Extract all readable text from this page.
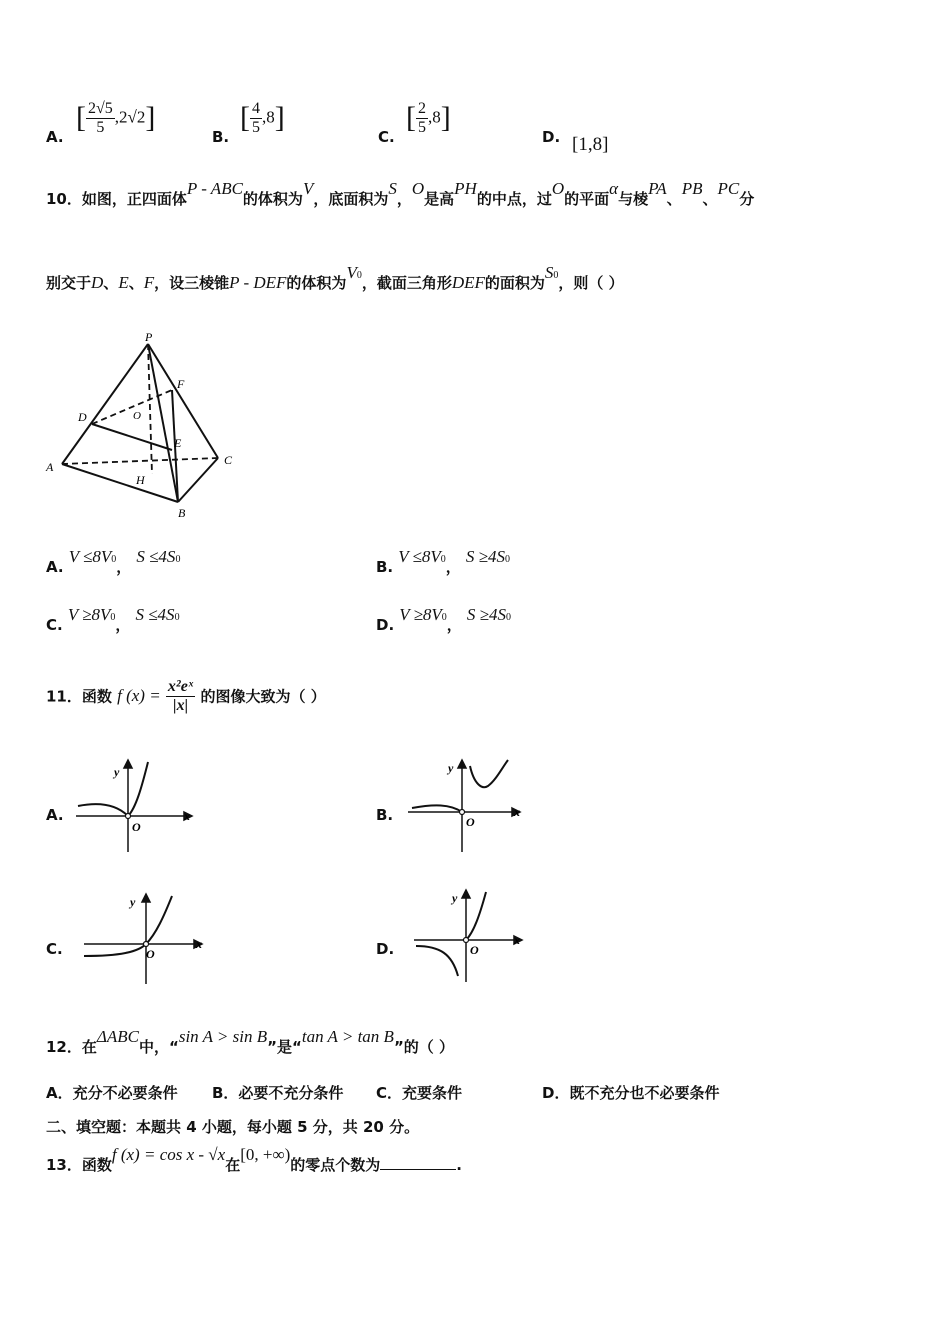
A.
[ $\frac{2√5}{5} ,2√2$]
B.
[ $\frac{4}{5} ,8$]
C.
[ $\frac{2}{5} ,8$]
D. [1,8]
10．如图，正四面体P - ABC的体积为V，底面积为S，O是高PH的中点，过O的平面α与棱PA、PB、PC分
别交于D、E、F，设三棱锥P - DEF的体积为$V^0$，截面三角形DEF的面积为$S^0$，则（ ）
P
F
D	O
E
A	C
H
B
A. $V \le 8V^0$， $S \le 4S^0$	B. $V \le 8V^0$， $S \ge 4S^0$
C. $V \ge 8V^0$， $S \le 4S^0$	D. $V \ge 8V^0$， $S \ge 4S^0$
11．函数 f $(x) = \frac{\text{x²eˣ}}{|x|}$ 的图像大致为（ ）
A.
y
x
O
B.
y
x
O
C.
y
x
O	D.
y
x
O
12．在ΔABC中，“sin A > sin B”是“tan A > tan B”的（ ）
A．充分不必要条件 B．必要不充分条件 C．充要条件	D．既不充分也不必要条件
二、填空题：本题共 4 小题，每小题 5 分，共 20 分。
13．函数f (x) = cos x - √x在[0, +∞)的零点个数为	.
